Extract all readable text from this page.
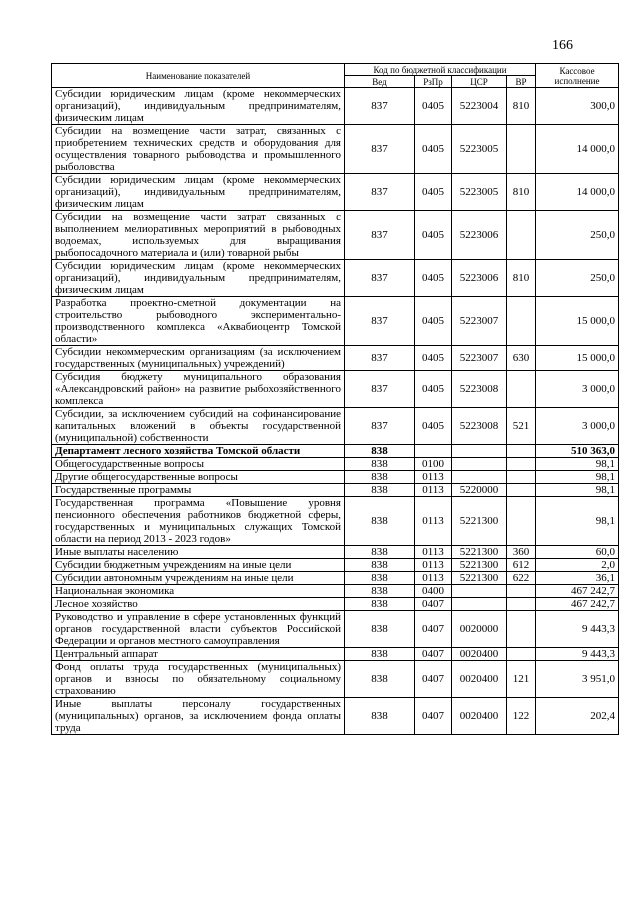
166
Наименование показателей	Код по бюджетной классификации				Кассовое исполнение
	Вед	РзПр	ЦСР	ВР	
Субсидии юридическим лицам (кроме некоммерческих организаций), индивидуальным предпринимателям, физическим лицам	837	0405	5223004	810	300,0
Субсидии на возмещение части затрат, связанных с приобретением технических средств и оборудования для осуществления товарного рыбоводства и промышленного рыболовства	837	0405	5223005		14 000,0
Субсидии юридическим лицам (кроме некоммерческих организаций), индивидуальным предпринимателям, физическим лицам	837	0405	5223005	810	14 000,0
Субсидии на возмещение части затрат связанных с выполнением мелиоративных мероприятий в рыбоводных водоемах, используемых для выращивания рыбопосадочного материала и (или) товарной рыбы	837	0405	5223006		250,0
Субсидии юридическим лицам (кроме некоммерческих организаций), индивидуальным предпринимателям, физическим лицам	837	0405	5223006	810	250,0
Разработка проектно-сметной документации на строительство рыбоводного экспериментально-производственного комплекса «Аквабиоцентр Томской области»	837	0405	5223007		15 000,0
Субсидии некоммерческим организациям (за исключением государственных (муниципальных) учреждений)	837	0405	5223007	630	15 000,0
Субсидия бюджету муниципального образования «Александровский район» на развитие рыбохозяйственного комплекса	837	0405	5223008		3 000,0
Субсидии, за исключением субсидий на софинансирование капитальных вложений в объекты государственной (муниципальной) собственности	837	0405	5223008	521	3 000,0
Департамент лесного хозяйства Томской области	838				510 363,0
Общегосударственные вопросы	838	0100			98,1
Другие общегосударственные вопросы	838	0113			98,1
Государственные программы	838	0113	5220000		98,1
Государственная программа «Повышение уровня пенсионного обеспечения работников бюджетной сферы, государственных и муниципальных служащих Томской области на период 2013 - 2023 годов»	838	0113	5221300		98,1
Иные выплаты населению	838	0113	5221300	360	60,0
Субсидии бюджетным учреждениям на иные цели	838	0113	5221300	612	2,0
Субсидии автономным учреждениям на иные цели	838	0113	5221300	622	36,1
Национальная экономика	838	0400			467 242,7
Лесное хозяйство	838	0407			467 242,7
Руководство и управление в сфере установленных функций органов государственной власти субъектов Российской Федерации и органов местного самоуправления	838	0407	0020000		9 443,3
Центральный аппарат	838	0407	0020400		9 443,3
Фонд оплаты труда государственных (муниципальных) органов и взносы по обязательному социальному страхованию	838	0407	0020400	121	3 951,0
Иные выплаты персоналу государственных (муниципальных) органов, за исключением фонда оплаты труда	838	0407	0020400	122	202,4
